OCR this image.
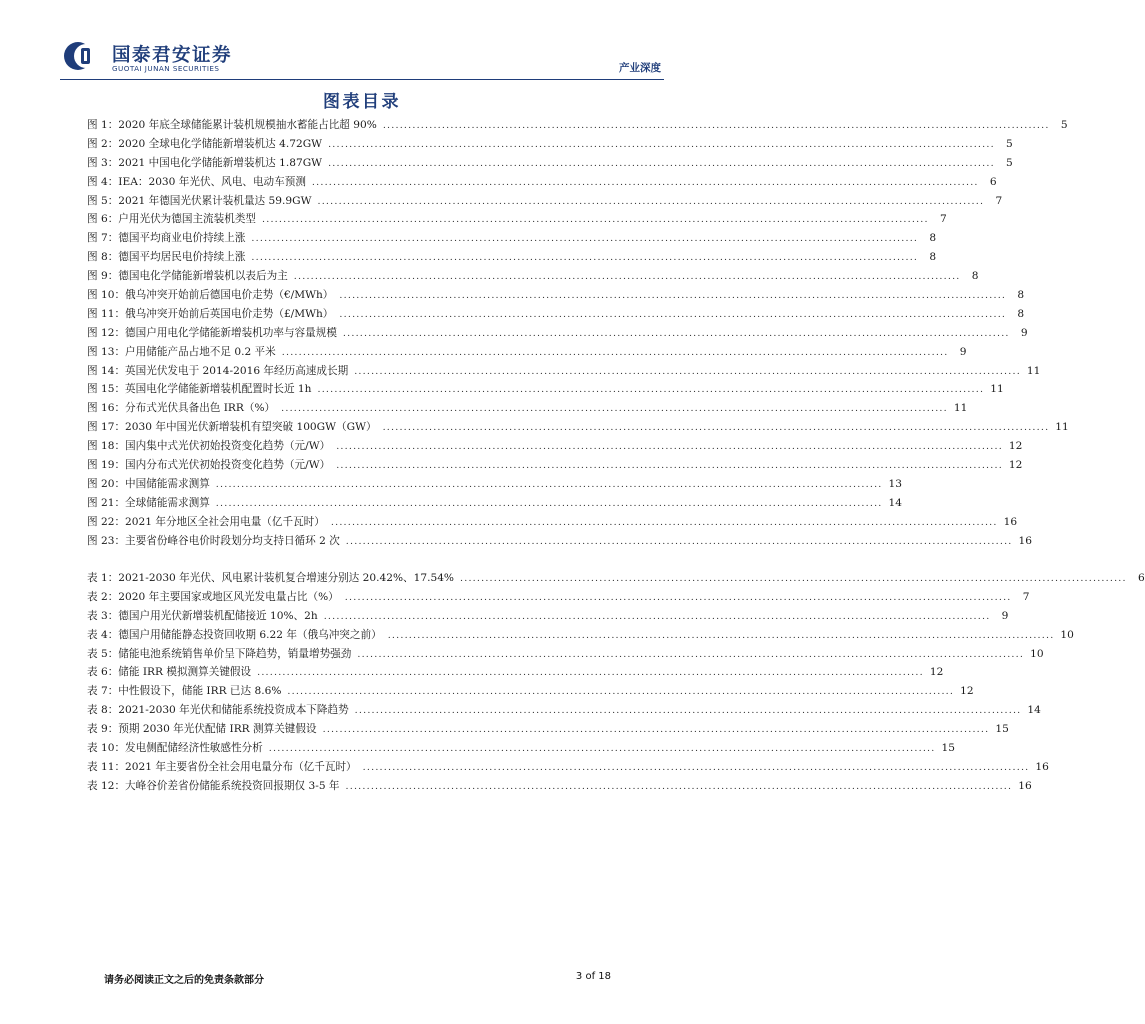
国泰君安证券
GUOTAI JUNAN SECURITIES	产业深度
图表目录
图 1：2020 年底全球储能累计装机规模抽水蓄能占比超 90% ..............................................................................................................................................................	5
图 2：2020 全球电化学储能新增装机达 4.72GW ..............................................................................................................................................................	5
图 3：2021 中国电化学储能新增装机达 1.87GW ..............................................................................................................................................................	5
图 4：IEA：2030 年光伏、风电、电动车预测 ..............................................................................................................................................................	6
图 5：2021 年德国光伏累计装机量达 59.9GW ..............................................................................................................................................................	7
图 6：户用光伏为德国主流装机类型 ..............................................................................................................................................................	7
图 7：德国平均商业电价持续上涨 ..............................................................................................................................................................	8
图 8：德国平均居民电价持续上涨 ..............................................................................................................................................................	8
图 9：德国电化学储能新增装机以表后为主 ..............................................................................................................................................................	8
图 10：俄乌冲突开始前后德国电价走势（€/MWh） ..............................................................................................................................................................	8
图 11：俄乌冲突开始前后英国电价走势（£/MWh） ..............................................................................................................................................................	8
图 12：德国户用电化学储能新增装机功率与容量规模 ..............................................................................................................................................................	9
图 13：户用储能产品占地不足 0.2 平米 ..............................................................................................................................................................	9
图 14：英国光伏发电于 2014-2016 年经历高速成长期 .............................................................................................................................................................. 11
图 15：英国电化学储能新增装机配置时长近 1h .............................................................................................................................................................. 11
图 16：分布式光伏具备出色 IRR（%） .............................................................................................................................................................. 11
图 17：2030 年中国光伏新增装机有望突破 100GW（GW） .............................................................................................................................................................. 11
图 18：国内集中式光伏初始投资变化趋势（元/W） .............................................................................................................................................................. 12
图 19：国内分布式光伏初始投资变化趋势（元/W） .............................................................................................................................................................. 12
图 20：中国储能需求测算 .............................................................................................................................................................. 13
图 21：全球储能需求测算 .............................................................................................................................................................. 14
图 22：2021 年分地区全社会用电量（亿千瓦时） .............................................................................................................................................................. 16
图 23：主要省份峰谷电价时段划分均支持日循环 2 次 .............................................................................................................................................................. 16
表 1：2021-2030 年光伏、风电累计装机复合增速分别达 20.42%、17.54% ..............................................................................................................................................................	6
表 2：2020 年主要国家或地区风光发电量占比（%） ..............................................................................................................................................................	7
表 3：德国户用光伏新增装机配储接近 10%、2h ..............................................................................................................................................................	9
表 4：德国户用储能静态投资回收期 6.22 年（俄乌冲突之前） .............................................................................................................................................................. 10
表 5：储能电池系统销售单价呈下降趋势，销量增势强劲 .............................................................................................................................................................. 10
表 6：储能 IRR 模拟测算关键假设 .............................................................................................................................................................. 12
表 7：中性假设下，储能 IRR 已达 8.6% .............................................................................................................................................................. 12
表 8：2021-2030 年光伏和储能系统投资成本下降趋势 .............................................................................................................................................................. 14
表 9：预期 2030 年光伏配储 IRR 测算关键假设 .............................................................................................................................................................. 15
表 10：发电侧配储经济性敏感性分析 .............................................................................................................................................................. 15
表 11：2021 年主要省份全社会用电量分布（亿千瓦时） .............................................................................................................................................................. 16
表 12：大峰谷价差省份储能系统投资回报期仅 3-5 年 .............................................................................................................................................................. 16
请务必阅读正文之后的免责条款部分	3 of 18
